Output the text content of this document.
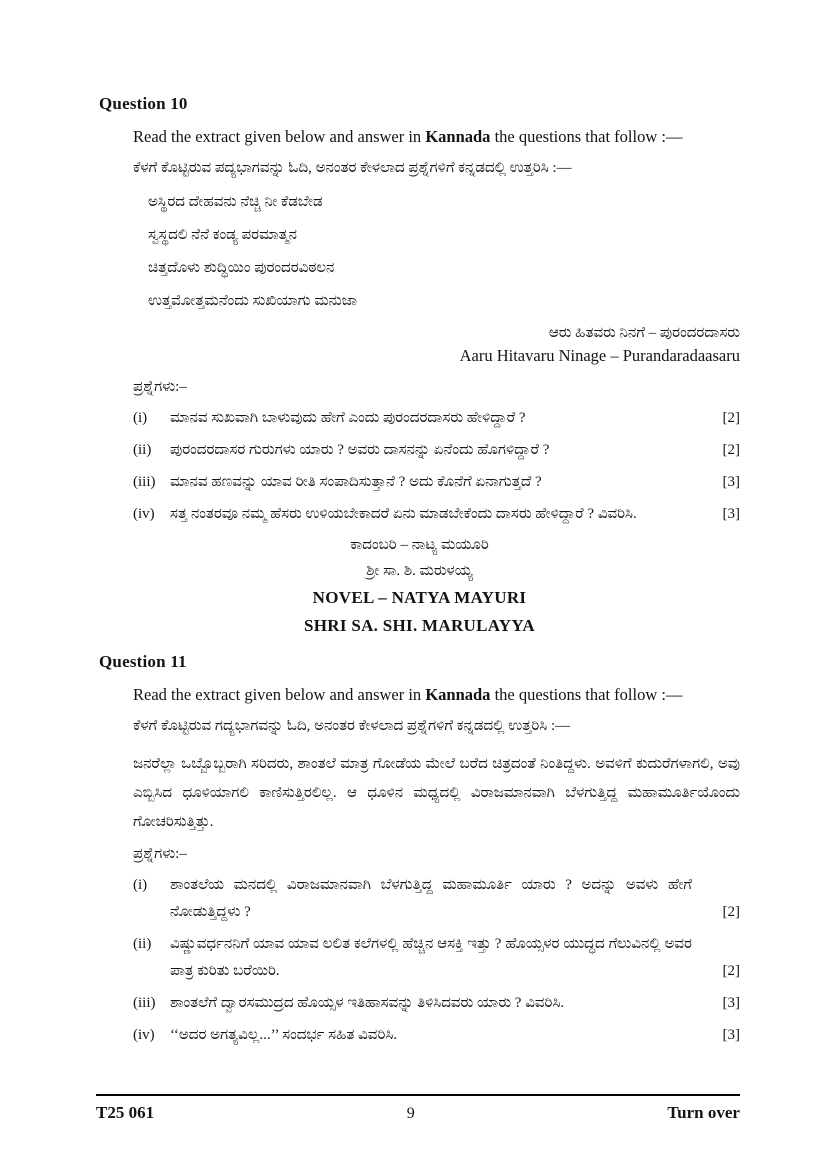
Question 10

Read the extract given below and answer in Kannada the questions that follow :—

ಕೆಳಗೆ ಕೊಟ್ಟಿರುವ ಪದ್ಯಭಾಗವನ್ನು ಓದಿ, ಅನಂತರ ಕೇಳಲಾದ ಪ್ರಶ್ನೆಗಳಿಗೆ ಕನ್ನಡದಲ್ಲಿ ಉತ್ತರಿಸಿ :—

ಅಸ್ಥಿರದ ದೇಹವನು ನೆಚ್ಚಿ ನೀ ಕೆಡಬೇಡ

ಸ್ವಸ್ಥದಲಿ ನೆನೆ ಕಂಡ್ಯ ಪರಮಾತ್ಮನ

ಚಿತ್ತದೊಳು ಶುದ್ಧಿಯಿಂ ಪುರಂದರವಿಠಲನ

ಉತ್ತಮೋತ್ತಮನೆಂದು ಸುಖಿಯಾಗು ಮನುಜಾ

ಆರು ಹಿತವರು ನಿನಗೆ – ಪುರಂದರದಾಸರು

Aaru Hitavaru Ninage – Purandaradaasaru

ಪ್ರಶ್ನೆಗಳು:–

(i)	ಮಾನವ ಸುಖವಾಗಿ ಬಾಳುವುದು ಹೇಗೆ ಎಂದು ಪುರಂದರದಾಸರು ಹೇಳಿದ್ದಾರೆ ?	[2]
(ii)	ಪುರಂದರದಾಸರ ಗುರುಗಳು ಯಾರು ? ಅವರು ದಾಸನನ್ನು ಏನೆಂದು ಹೊಗಳಿದ್ದಾರೆ ?	[2]
(iii) ಮಾನವ ಹಣವನ್ನು ಯಾವ ರೀತಿ ಸಂಪಾದಿಸುತ್ತಾನೆ ? ಅದು ಕೊನೆಗೆ ಏನಾಗುತ್ತದೆ ?	[3]
(iv)	ಸತ್ತ ನಂತರವೂ ನಮ್ಮ ಹೆಸರು ಉಳಿಯಬೇಕಾದರೆ ಏನು ಮಾಡಬೇಕೆಂದು ದಾಸರು ಹೇಳಿದ್ದಾರೆ ? ವಿವರಿಸಿ.	[3]

ಕಾದಂಬರಿ – ನಾಟ್ಯ ಮಯೂರಿ

ಶ್ರೀ ಸಾ. ಶಿ. ಮರುಳಯ್ಯ

NOVEL – NATYA MAYURI

SHRI SA. SHI. MARULAYYA

Question 11

Read the extract given below and answer in Kannada the questions that follow :—

ಕೆಳಗೆ ಕೊಟ್ಟಿರುವ ಗದ್ಯಭಾಗವನ್ನು ಓದಿ, ಅನಂತರ ಕೇಳಲಾದ ಪ್ರಶ್ನೆಗಳಿಗೆ ಕನ್ನಡದಲ್ಲಿ ಉತ್ತರಿಸಿ :—

ಜನರೆಲ್ಲಾ ಒಬ್ಬೊಬ್ಬರಾಗಿ ಸರಿದರು, ಶಾಂತಲೆ ಮಾತ್ರ ಗೋಡೆಯ ಮೇಲೆ ಬರೆದ ಚಿತ್ರದಂತೆ ನಿಂತಿದ್ದಳು. ಅವಳಿಗೆ ಕುದುರೆಗಳಾಗಲಿ, ಅವು ಎಬ್ಬಿಸಿದ ಧೂಳಿಯಾಗಲಿ ಕಾಣಿಸುತ್ತಿರಲಿಲ್ಲ. ಆ ಧೂಳಿನ ಮಧ್ಯದಲ್ಲಿ ವಿರಾಜಮಾನವಾಗಿ ಬೆಳಗುತ್ತಿದ್ದ ಮಹಾಮೂರ್ತಿಯೊಂದು ಗೋಚರಿಸುತ್ತಿತ್ತು.

ಪ್ರಶ್ನೆಗಳು:–

(i)	ಶಾಂತಲೆಯ ಮನದಲ್ಲಿ ವಿರಾಜಮಾನವಾಗಿ ಬೆಳಗುತ್ತಿದ್ದ ಮಹಾಮೂರ್ತಿ ಯಾರು ? ಅದನ್ನು ಅವಳು ಹೇಗೆ ನೋಡುತ್ತಿದ್ದಳು ?	[2]
(ii)	ವಿಷ್ಣುವರ್ಧನನಿಗೆ ಯಾವ ಯಾವ ಲಲಿತ ಕಲೆಗಳಲ್ಲಿ ಹೆಚ್ಚಿನ ಆಸಕ್ತಿ ಇತ್ತು ? ಹೊಯ್ಸಳರ ಯುದ್ಧದ ಗೆಲುವಿನಲ್ಲಿ ಅವರ ಪಾತ್ರ ಕುರಿತು ಬರೆಯಿರಿ.	[2]
(iii) ಶಾಂತಲೆಗೆ ದ್ವಾರಸಮುದ್ರದ ಹೊಯ್ಸಳ ಇತಿಹಾಸವನ್ನು ತಿಳಿಸಿದವರು ಯಾರು ? ವಿವರಿಸಿ.	[3]
(iv)	‘‘ಅದರ ಅಗತ್ಯವಿಲ್ಲ...’’ ಸಂದರ್ಭ ಸಹಿತ ವಿವರಿಸಿ.	[3]
T25 061	9	Turn over
